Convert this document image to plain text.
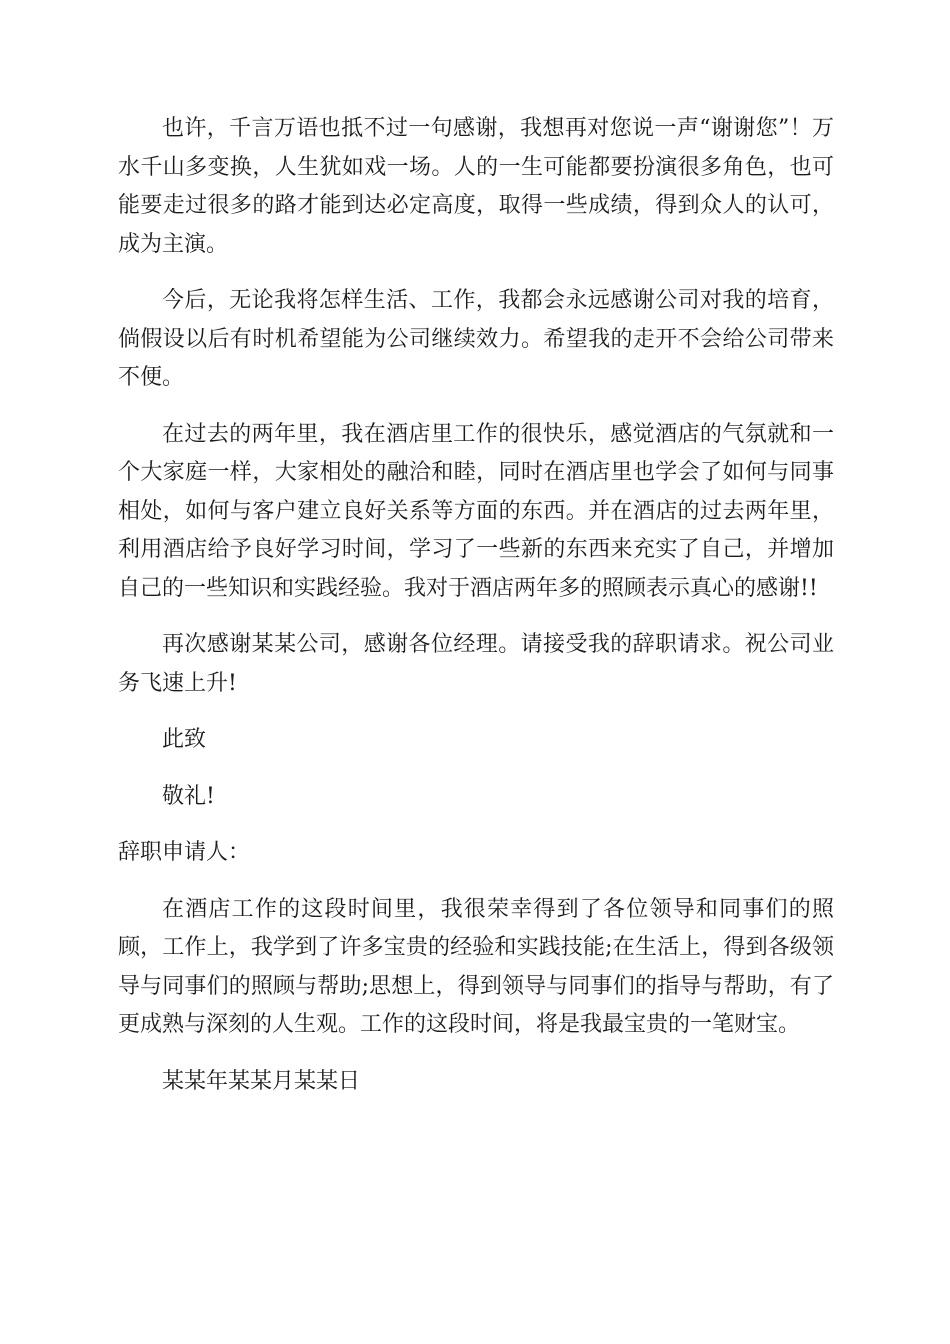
也许，千言万语也抵不过一句感谢，我想再对您说一声“谢谢您”！万水千山多变换，人生犹如戏一场。人的一生可能都要扮演很多角色，也可能要走过很多的路才能到达必定高度，取得一些成绩，得到众人的认可，成为主演。

今后，无论我将怎样生活、工作，我都会永远感谢公司对我的培育，倘假设以后有时机希望能为公司继续效力。希望我的走开不会给公司带来不便。

在过去的两年里，我在酒店里工作的很快乐，感觉酒店的气氛就和一个大家庭一样，大家相处的融洽和睦，同时在酒店里也学会了如何与同事相处，如何与客户建立良好关系等方面的东西。并在酒店的过去两年里，利用酒店给予良好学习时间，学习了一些新的东西来充实了自己，并增加自己的一些知识和实践经验。我对于酒店两年多的照顾表示真心的感谢!!

再次感谢某某公司，感谢各位经理。请接受我的辞职请求。祝公司业务飞速上升!

此致

敬礼!

辞职申请人：

在酒店工作的这段时间里，我很荣幸得到了各位领导和同事们的照顾，工作上，我学到了许多宝贵的经验和实践技能;在生活上，得到各级领导与同事们的照顾与帮助;思想上，得到领导与同事们的指导与帮助，有了更成熟与深刻的人生观。工作的这段时间，将是我最宝贵的一笔财宝。

某某年某某月某某日
